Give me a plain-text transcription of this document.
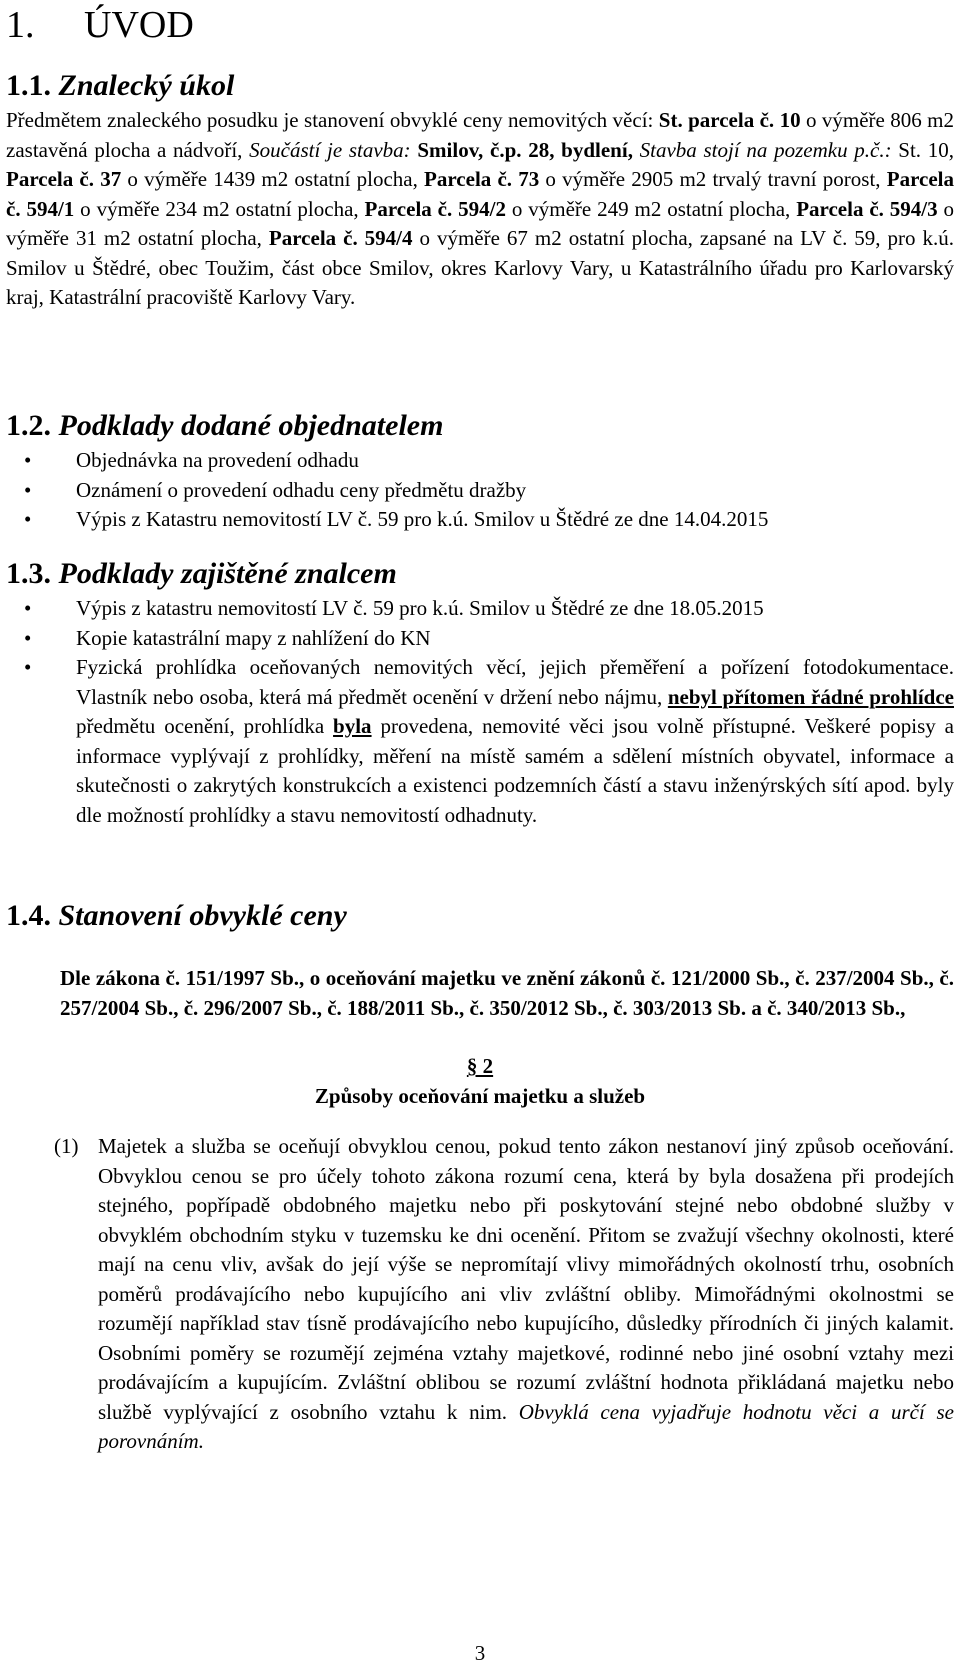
1. ÚVOD
1.1. Znalecký úkol
Předmětem znaleckého posudku je stanovení obvyklé ceny nemovitých věcí: St. parcela č. 10 o výměře 806 m2 zastavěná plocha a nádvoří, Součástí je stavba: Smilov, č.p. 28, bydlení, Stavba stojí na pozemku p.č.: St. 10, Parcela č. 37 o výměře 1439 m2 ostatní plocha, Parcela č. 73 o výměře 2905 m2 trvalý travní porost, Parcela č. 594/1 o výměře 234 m2 ostatní plocha, Parcela č. 594/2 o výměře 249 m2 ostatní plocha, Parcela č. 594/3 o výměře 31 m2 ostatní plocha, Parcela č. 594/4 o výměře 67 m2 ostatní plocha, zapsané na LV č. 59, pro k.ú. Smilov u Štědré, obec Toužim, část obce Smilov, okres Karlovy Vary, u Katastrálního úřadu pro Karlovarský kraj, Katastrální pracoviště Karlovy Vary.
1.2. Podklady dodané objednatelem
• Objednávka na provedení odhadu
• Oznámení o provedení odhadu ceny předmětu dražby
• Výpis z Katastru nemovitostí LV č. 59 pro k.ú. Smilov u Štědré ze dne 14.04.2015
1.3. Podklady zajištěné znalcem
• Výpis z katastru nemovitostí LV č. 59 pro k.ú. Smilov u Štědré ze dne 18.05.2015
• Kopie katastrální mapy z nahlížení do KN
• Fyzická prohlídka oceňovaných nemovitých věcí, jejich přeměření a pořízení fotodokumentace. Vlastník nebo osoba, která má předmět ocenění v držení nebo nájmu, nebyl přítomen řádné prohlídce předmětu ocenění, prohlídka byla provedena, nemovité věci jsou volně přístupné. Veškeré popisy a informace vyplývají z prohlídky, měření na místě samém a sdělení místních obyvatel, informace a skutečnosti o zakrytých konstrukcích a existenci podzemních částí a stavu inženýrských sítí apod. byly dle možností prohlídky a stavu nemovitostí odhadnuty.
1.4. Stanovení obvyklé ceny
Dle zákona č. 151/1997 Sb., o oceňování majetku ve znění zákonů č. 121/2000 Sb., č. 237/2004 Sb., č. 257/2004 Sb., č. 296/2007 Sb., č. 188/2011 Sb., č. 350/2012 Sb., č. 303/2013 Sb. a č. 340/2013 Sb.,
§ 2
Způsoby oceňování majetku a služeb
(1) Majetek a služba se oceňují obvyklou cenou, pokud tento zákon nestanoví jiný způsob oceňování. Obvyklou cenou se pro účely tohoto zákona rozumí cena, která by byla dosažena při prodejích stejného, popřípadě obdobného majetku nebo při poskytování stejné nebo obdobné služby v obvyklém obchodním styku v tuzemsku ke dni ocenění. Přitom se zvažují všechny okolnosti, které mají na cenu vliv, avšak do její výše se nepromítají vlivy mimořádných okolností trhu, osobních poměrů prodávajícího nebo kupujícího ani vliv zvláštní obliby. Mimořádnými okolnostmi se rozumějí například stav tísně prodávajícího nebo kupujícího, důsledky přírodních či jiných kalamit. Osobními poměry se rozumějí zejména vztahy majetkové, rodinné nebo jiné osobní vztahy mezi prodávajícím a kupujícím. Zvláštní oblibou se rozumí zvláštní hodnota přikládaná majetku nebo službě vyplývající z osobního vztahu k nim. Obvyklá cena vyjadřuje hodnotu věci a určí se porovnáním.
3
